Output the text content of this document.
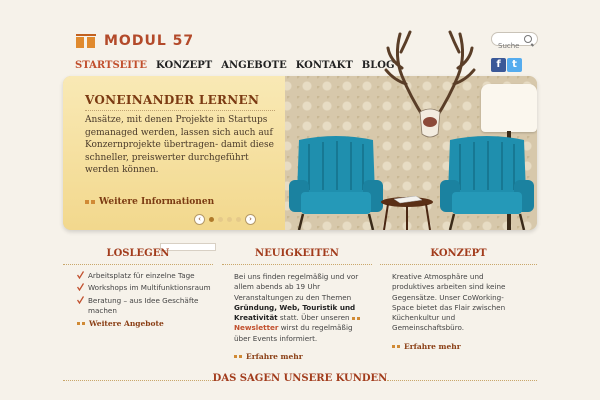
MODUL 57
Suche
f	t
STARTSEITE KONZEPT ANGEBOTE KONTAKT BLOG
VONEINANDER LERNEN
Ansätze, mit denen Projekte in Startups gemanaged werden, lassen sich auch auf Konzernprojekte übertragen- damit diese schneller, preiswerter durchgeführt werden können.
Weitere Informationen
‹	›
LOSLEGEN
Arbeitsplatz für einzelne Tage
Workshops im Multifunktionsraum
Beratung – aus Idee Geschäfte machen
Weitere Angebote
NEUIGKEITEN
Bei uns finden regelmäßig und vor allem abends ab 19 Uhr Veranstaltungen zu den Themen Gründung, Web, Touristik und Kreativität statt. Über unseren  Newsletter wirst du regelmäßig über Events informiert.
Erfahre mehr
KONZEPT
Kreative Atmosphäre und produktives arbeiten sind keine Gegensätze. Unser CoWorking-Space bietet das Flair zwischen Küchenkultur und Gemeinschaftsbüro.
Erfahre mehr
DAS SAGEN UNSERE KUNDEN
